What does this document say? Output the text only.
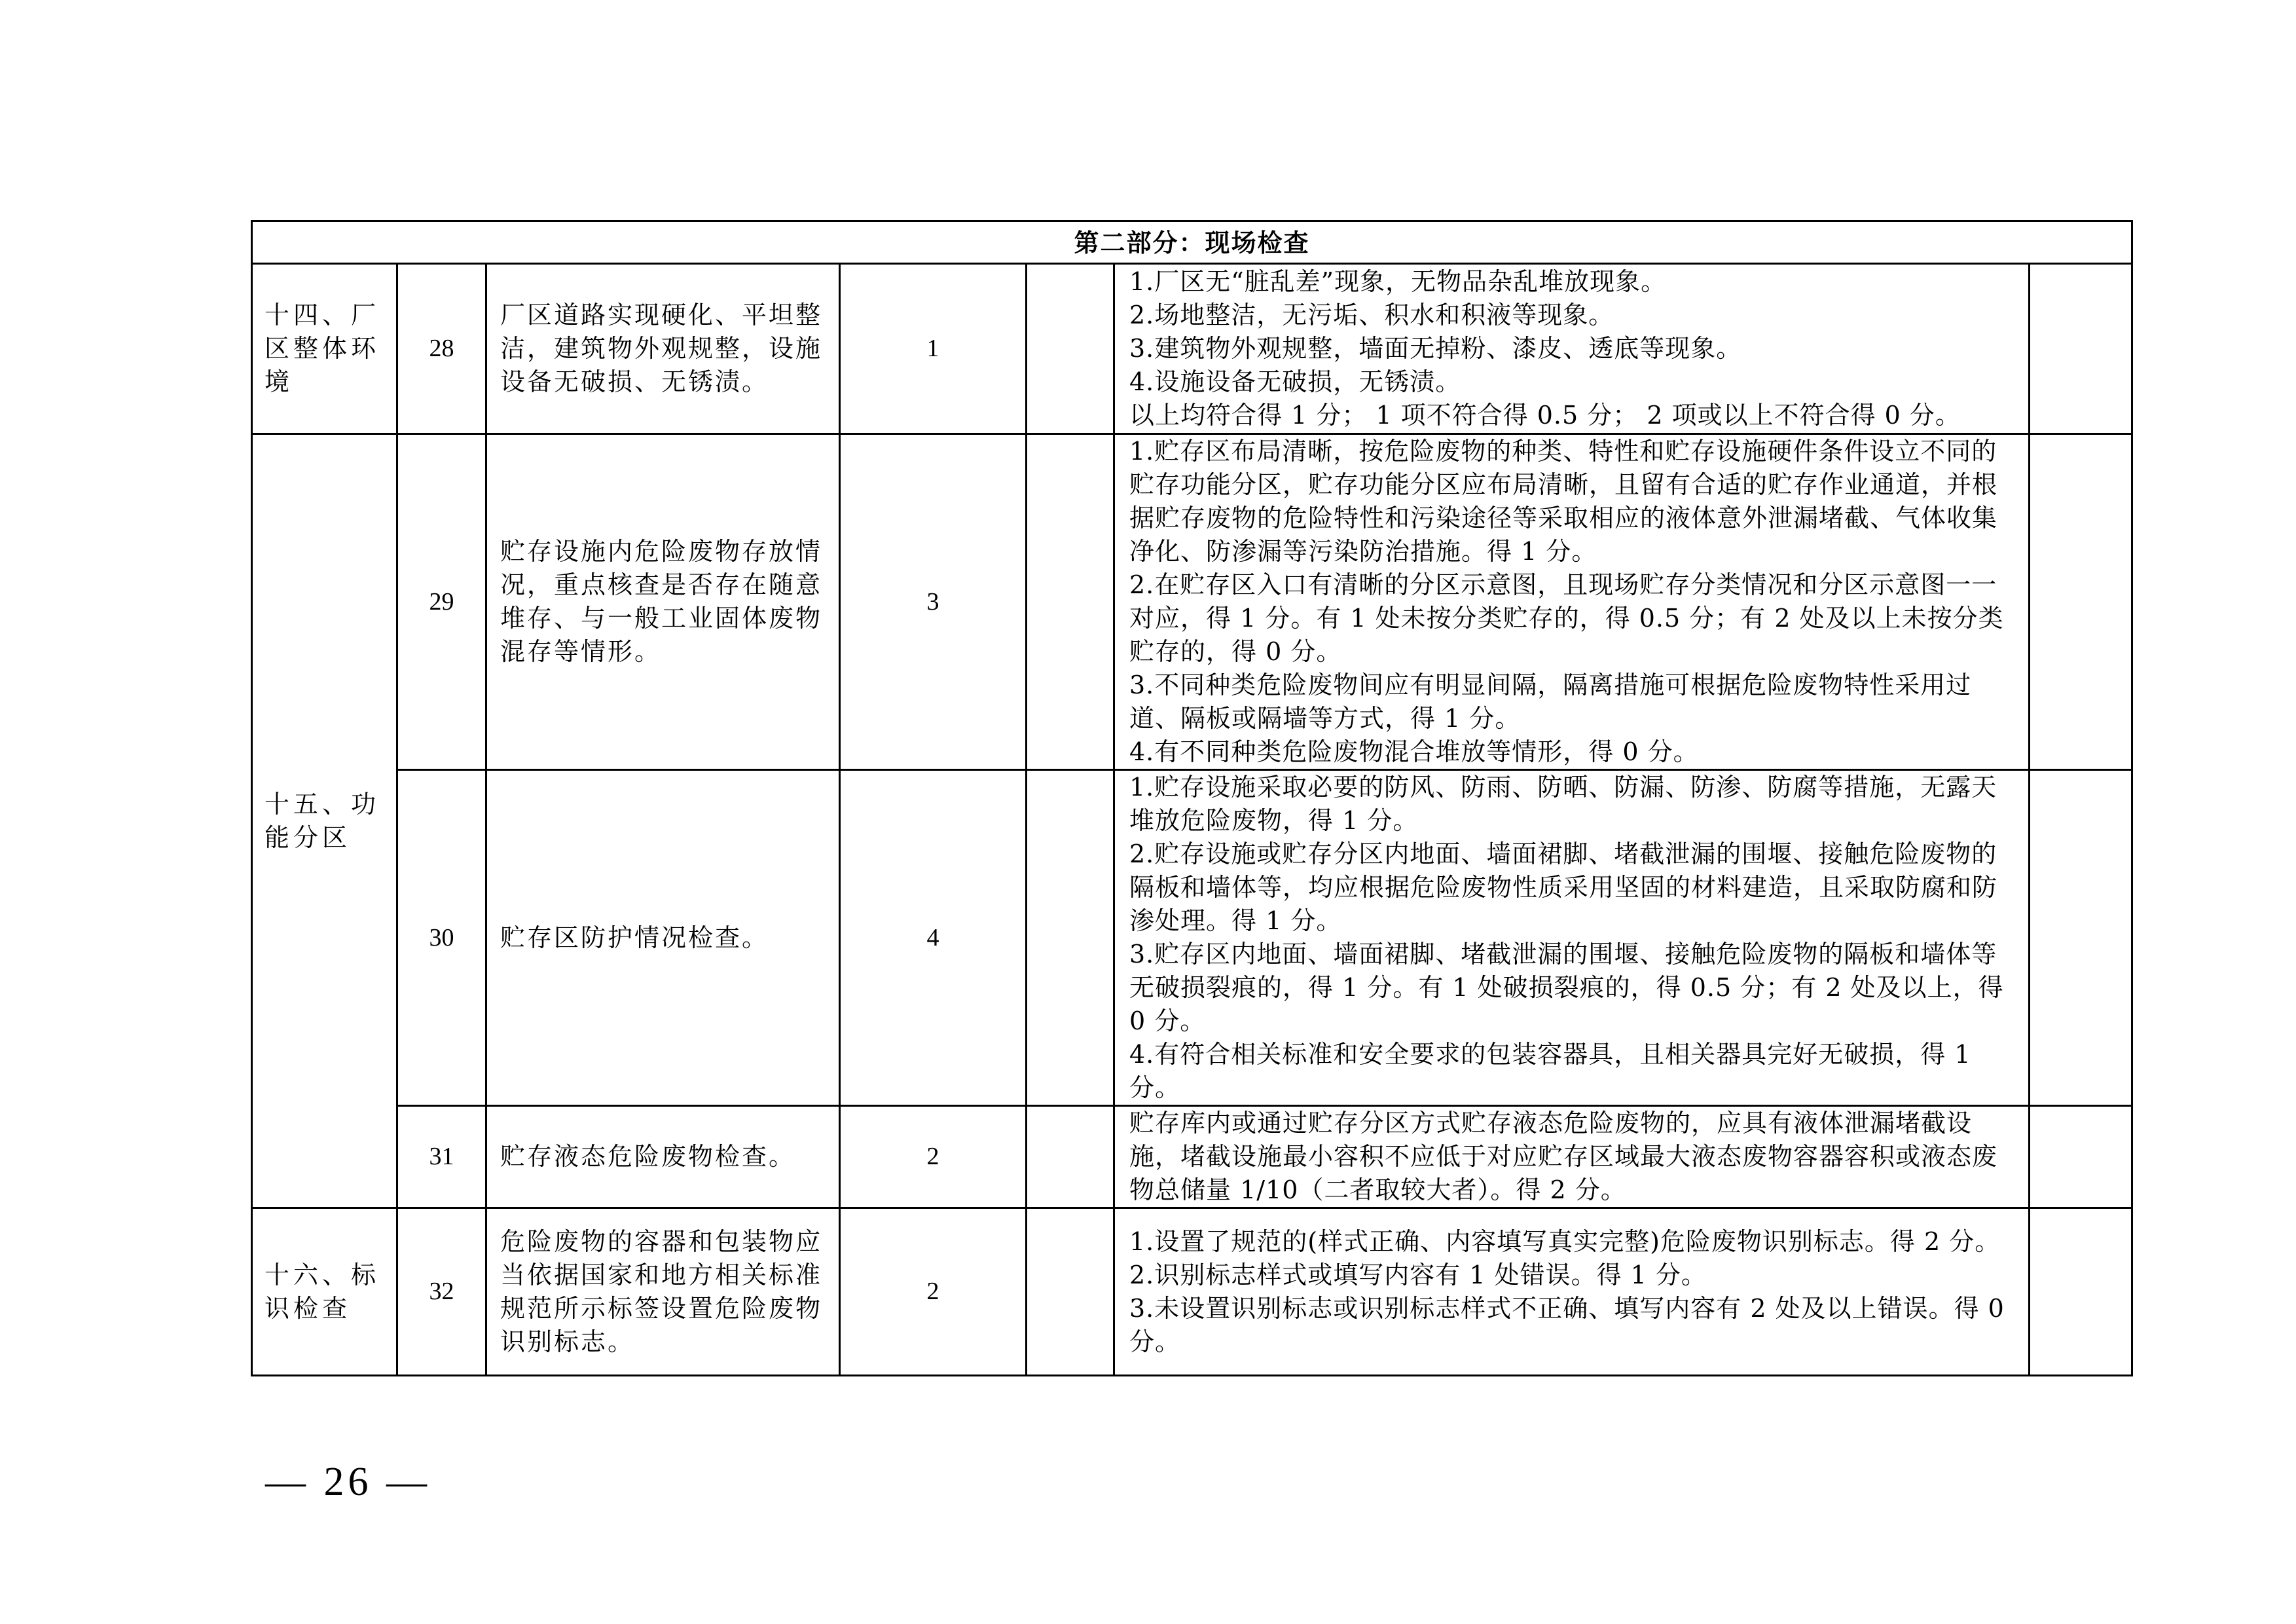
第二部分：现场检查						
十四、厂区整体环境	28	厂区道路实现硬化、平坦整洁，建筑物外观规整，设施设备无破损、无锈渍。	1		1.厂区无“脏乱差”现象，无物品杂乱堆放现象。
2.场地整洁，无污垢、积水和积液等现象。
3.建筑物外观规整，墙面无掉粉、漆皮、透底等现象。
4.设施设备无破损，无锈渍。
以上均符合得 1 分； 1 项不符合得 0.5 分； 2 项或以上不符合得 0 分。	

十五、功能分区	29	贮存设施内危险废物存放情况，重点核查是否存在随意堆存、与一般工业固体废物混存等情形。	3		1.贮存区布局清晰，按危险废物的种类、特性和贮存设施硬件条件设立不同的贮存功能分区，贮存功能分区应布局清晰，且留有合适的贮存作业通道，并根据贮存废物的危险特性和污染途径等采取相应的液体意外泄漏堵截、气体收集净化、防渗漏等污染防治措施。得 1 分。
2.在贮存区入口有清晰的分区示意图，且现场贮存分类情况和分区示意图一一对应，得 1 分。有 1 处未按分类贮存的，得 0.5 分；有 2 处及以上未按分类贮存的，得 0 分。
3.不同种类危险废物间应有明显间隔，隔离措施可根据危险废物特性采用过道、隔板或隔墙等方式，得 1 分。
4.有不同种类危险废物混合堆放等情形，得 0 分。	

	30	贮存区防护情况检查。	4		1.贮存设施采取必要的防风、防雨、防晒、防漏、防渗、防腐等措施，无露天堆放危险废物，得 1 分。
2.贮存设施或贮存分区内地面、墙面裙脚、堵截泄漏的围堰、接触危险废物的隔板和墙体等，均应根据危险废物性质采用坚固的材料建造，且采取防腐和防渗处理。得 1 分。
3.贮存区内地面、墙面裙脚、堵截泄漏的围堰、接触危险废物的隔板和墙体等无破损裂痕的，得 1 分。有 1 处破损裂痕的，得 0.5 分；有 2 处及以上，得 0 分。
4.有符合相关标准和安全要求的包装容器具，且相关器具完好无破损，得 1 分。	

	31	贮存液态危险废物检查。	2		贮存库内或通过贮存分区方式贮存液态危险废物的，应具有液体泄漏堵截设施，堵截设施最小容积不应低于对应贮存区域最大液态废物容器容积或液态废物总储量 1/10（二者取较大者）。得 2 分。	

十六、标识检查	32	危险废物的容器和包装物应当依据国家和地方相关标准规范所示标签设置危险废物识别标志。	2		1.设置了规范的(样式正确、内容填写真实完整)危险废物识别标志。得 2 分。
2.识别标志样式或填写内容有 1 处错误。得 1 分。
3.未设置识别标志或识别标志样式不正确、填写内容有 2 处及以上错误。得 0 分。	

— 26 —
